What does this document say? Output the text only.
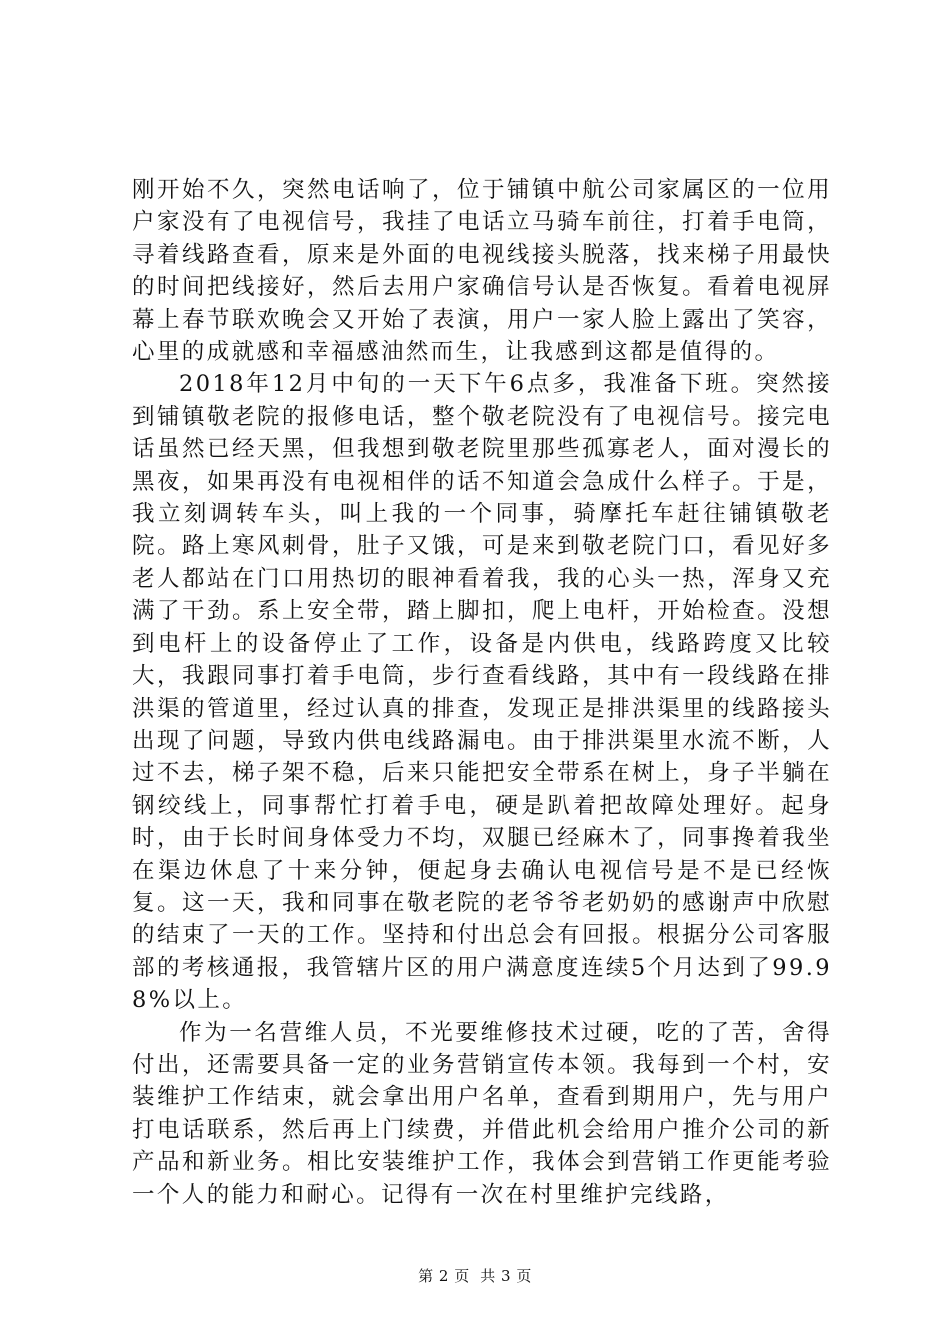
刚开始不久，突然电话响了，位于铺镇中航公司家属区的一位用户家没有了电视信号，我挂了电话立马骑车前往，打着手电筒，寻着线路查看，原来是外面的电视线接头脱落，找来梯子用最快的时间把线接好，然后去用户家确信号认是否恢复。看着电视屏幕上春节联欢晚会又开始了表演，用户一家人脸上露出了笑容，心里的成就感和幸福感油然而生，让我感到这都是值得的。

2018年12月中旬的一天下午6点多，我准备下班。突然接到铺镇敬老院的报修电话，整个敬老院没有了电视信号。接完电话虽然已经天黑，但我想到敬老院里那些孤寡老人，面对漫长的黑夜，如果再没有电视相伴的话不知道会急成什么样子。于是，我立刻调转车头，叫上我的一个同事，骑摩托车赶往铺镇敬老院。路上寒风刺骨，肚子又饿，可是来到敬老院门口，看见好多老人都站在门口用热切的眼神看着我，我的心头一热，浑身又充满了干劲。系上安全带，踏上脚扣，爬上电杆，开始检查。没想到电杆上的设备停止了工作，设备是内供电，线路跨度又比较大，我跟同事打着手电筒，步行查看线路，其中有一段线路在排洪渠的管道里，经过认真的排查，发现正是排洪渠里的线路接头出现了问题，导致内供电线路漏电。由于排洪渠里水流不断，人过不去，梯子架不稳，后来只能把安全带系在树上，身子半躺在钢绞线上，同事帮忙打着手电，硬是趴着把故障处理好。起身时，由于长时间身体受力不均，双腿已经麻木了，同事搀着我坐在渠边休息了十来分钟，便起身去确认电视信号是不是已经恢复。这一天，我和同事在敬老院的老爷爷老奶奶的感谢声中欣慰的结束了一天的工作。坚持和付出总会有回报。根据分公司客服部的考核通报，我管辖片区的用户满意度连续5个月达到了99.98%以上。

作为一名营维人员，不光要维修技术过硬，吃的了苦，舍得付出，还需要具备一定的业务营销宣传本领。我每到一个村，安装维护工作结束，就会拿出用户名单，查看到期用户，先与用户打电话联系，然后再上门续费，并借此机会给用户推介公司的新产品和新业务。相比安装维护工作，我体会到营销工作更能考验一个人的能力和耐心。记得有一次在村里维护完线路，

第 2 页  共 3 页
